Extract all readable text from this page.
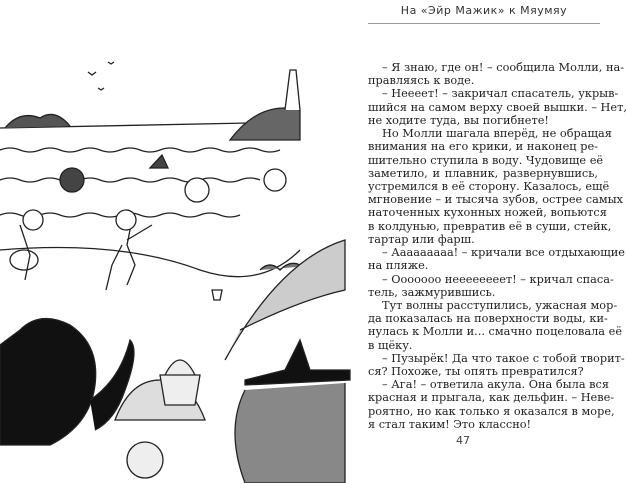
На «Эйр Мажик» к Мяумяу
– Я знаю, где он! – сообщила Молли, на-
правляясь к воде.
– Неееет! – закричал спасатель, укрыв-
шийся на самом верху своей вышки. – Нет,
не ходите туда, вы погибнете!
Но Молли шагала вперёд, не обращая
внимания на его крики, и наконец ре-
шительно ступила в воду. Чудовище её
заметило, и плавник, развернувшись,
устремился в её сторону. Казалось, ещё
мгновение – и тысяча зубов, острее самых
наточенных кухонных ножей, вопьются
в колдунью, превратив её в суши, стейк,
тартар или фарш.
– Ааааааааа! – кричали все отдыхающие
на пляже.
– Ооооооо неееееееет! – кричал спаса-
тель, зажмурившись.
Тут волны расступились, ужасная мор-
да показалась на поверхности воды, ки-
нулась к Молли и... смачно поцеловала её
в щёку.
– Пузырёк! Да что такое с тобой творит-
ся? Похоже, ты опять превратился?
– Ага! – ответила акула. Она была вся
красная и прыгала, как дельфин. – Неве-
роятно, но как только я оказался в море,
я стал таким! Это классно!
47
